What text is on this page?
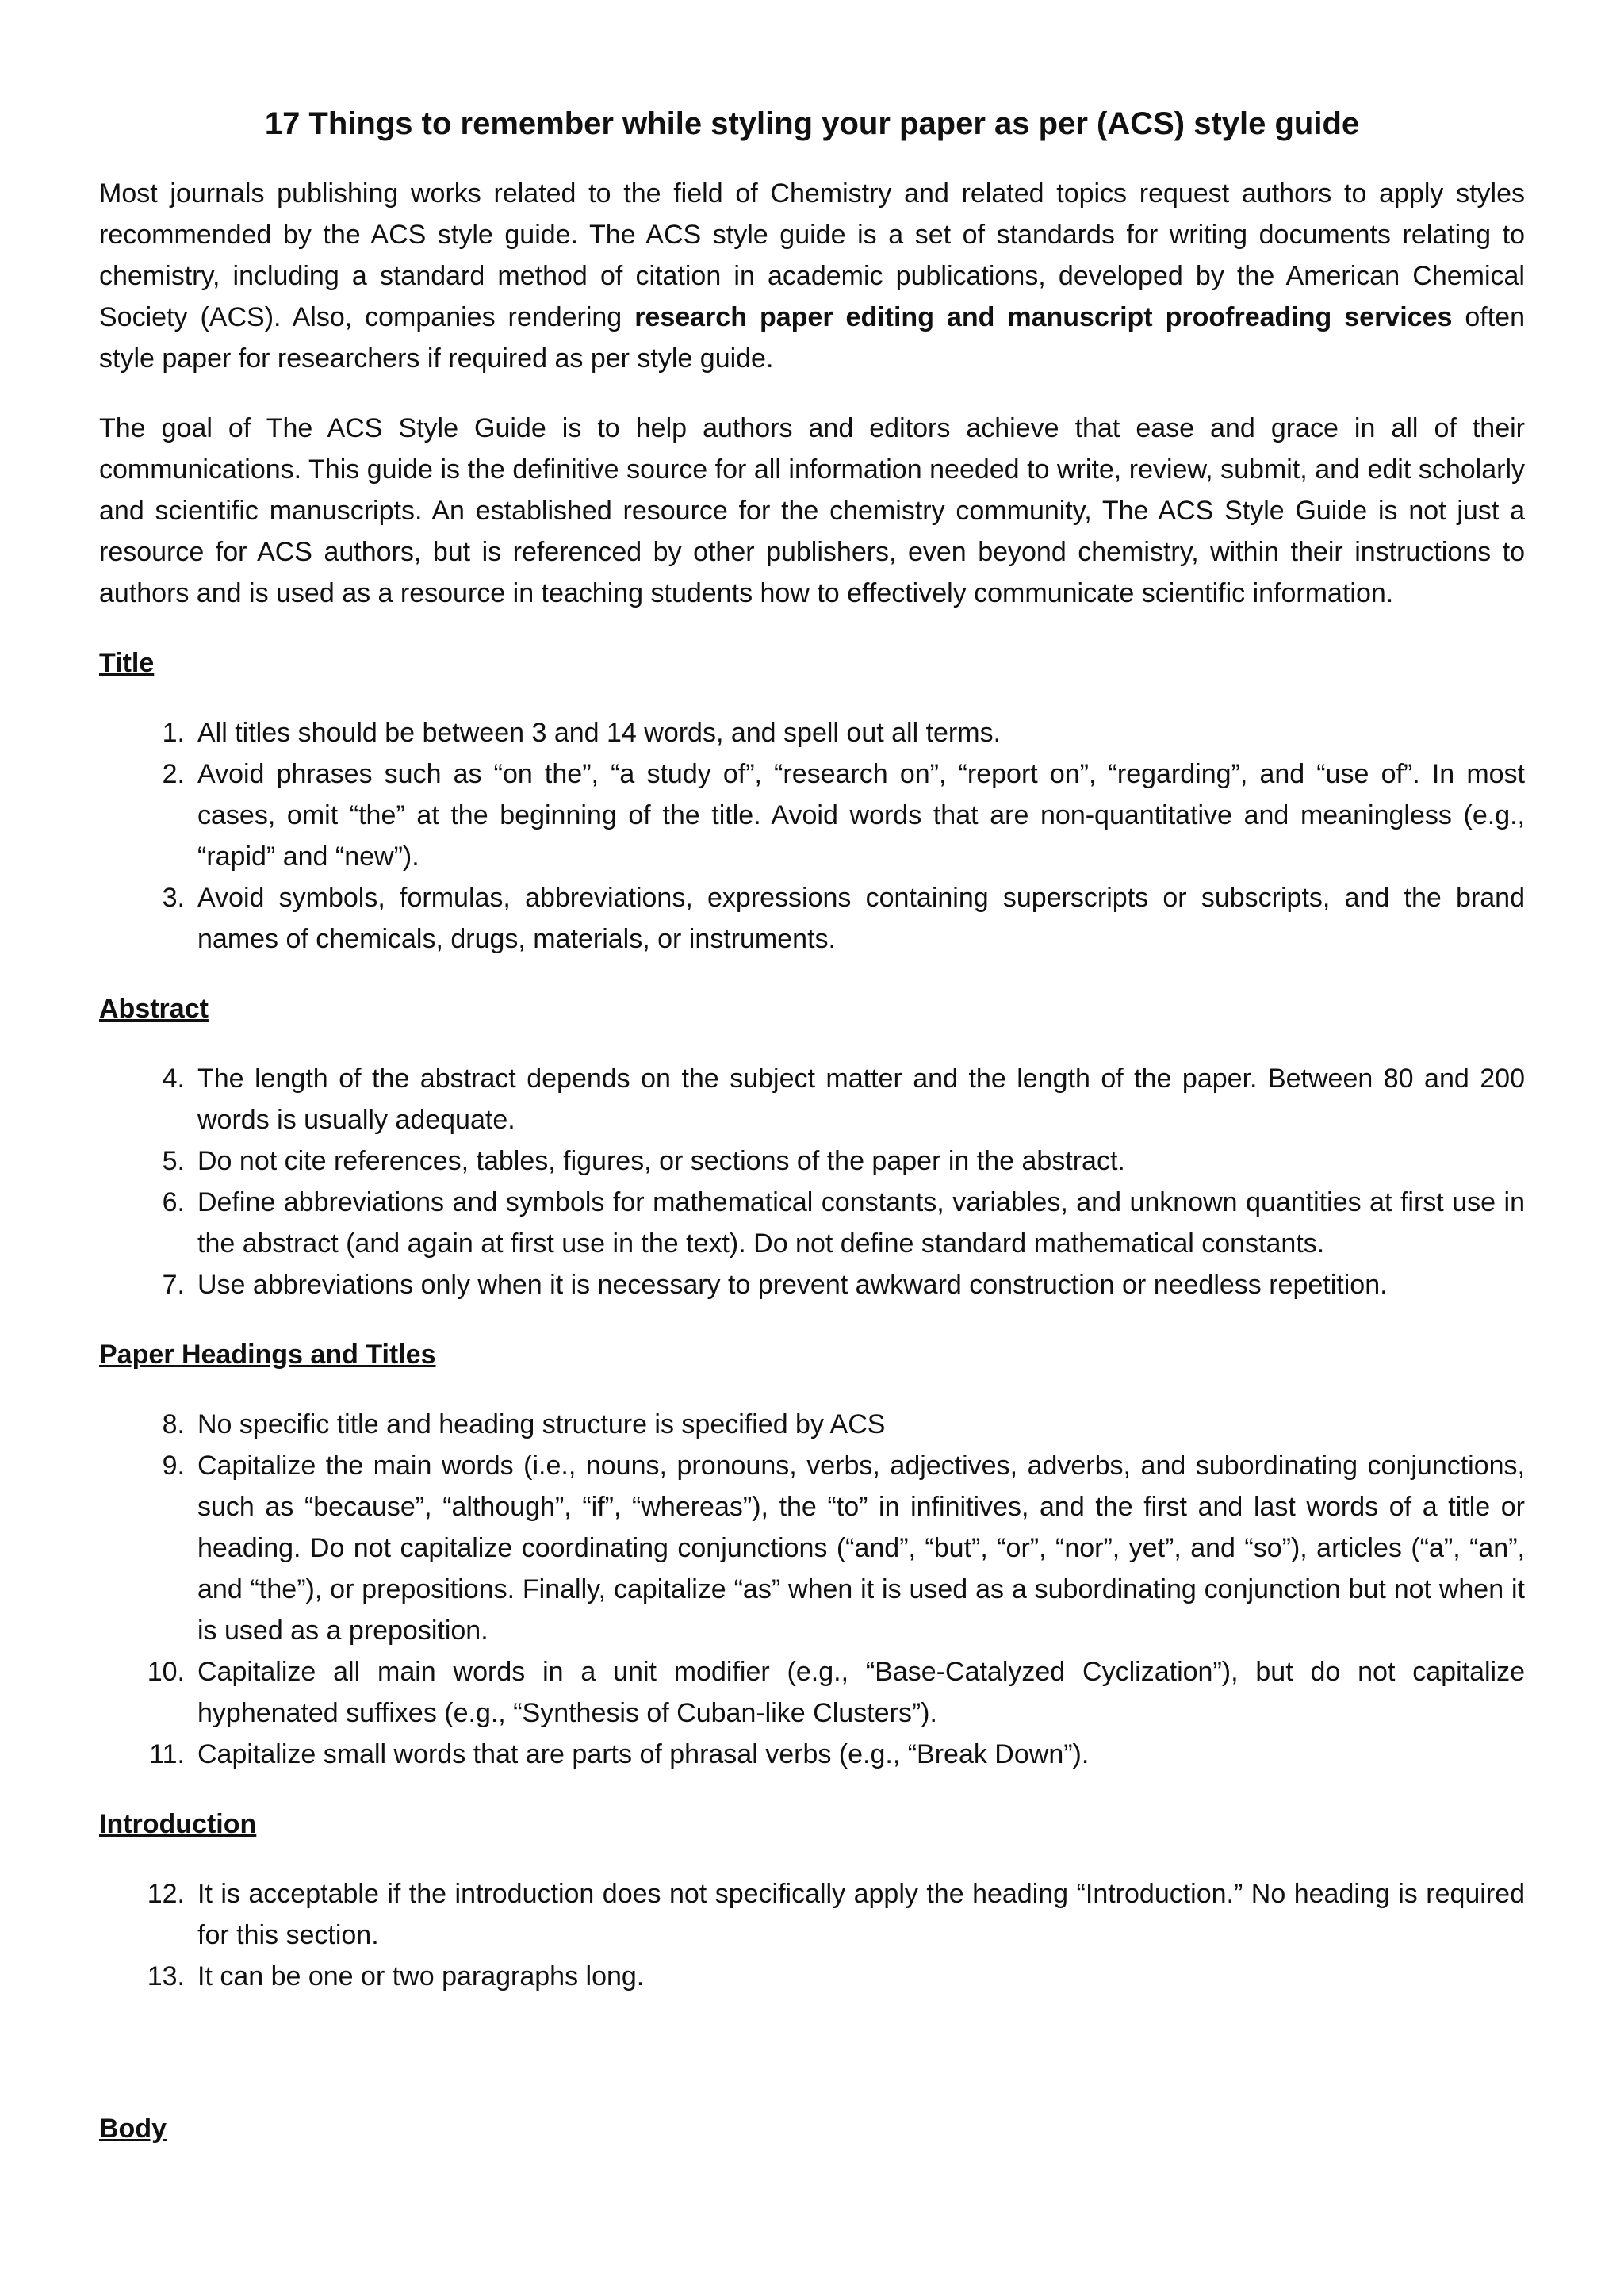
17 Things to remember while styling your paper as per (ACS) style guide

Most journals publishing works related to the field of Chemistry and related topics request authors to apply styles recommended by the ACS style guide. The ACS style guide is a set of standards for writing documents relating to chemistry, including a standard method of citation in academic publications, developed by the American Chemical Society (ACS). Also, companies rendering research paper editing and manuscript proofreading services often style paper for researchers if required as per style guide.

The goal of The ACS Style Guide is to help authors and editors achieve that ease and grace in all of their communications. This guide is the definitive source for all information needed to write, review, submit, and edit scholarly and scientific manuscripts. An established resource for the chemistry community, The ACS Style Guide is not just a resource for ACS authors, but is referenced by other publishers, even beyond chemistry, within their instructions to authors and is used as a resource in teaching students how to effectively communicate scientific information.

Title
1. All titles should be between 3 and 14 words, and spell out all terms.
2. Avoid phrases such as “on the”, “a study of”, “research on”, “report on”, “regarding”, and “use of”. In most cases, omit “the” at the beginning of the title. Avoid words that are non-quantitative and meaningless (e.g., “rapid” and “new”).
3. Avoid symbols, formulas, abbreviations, expressions containing superscripts or subscripts, and the brand names of chemicals, drugs, materials, or instruments.
Abstract
4. The length of the abstract depends on the subject matter and the length of the paper. Between 80 and 200 words is usually adequate.
5. Do not cite references, tables, figures, or sections of the paper in the abstract.
6. Define abbreviations and symbols for mathematical constants, variables, and unknown quantities at first use in the abstract (and again at first use in the text). Do not define standard mathematical constants.
7. Use abbreviations only when it is necessary to prevent awkward construction or needless repetition.
Paper Headings and Titles
8. No specific title and heading structure is specified by ACS
9. Capitalize the main words (i.e., nouns, pronouns, verbs, adjectives, adverbs, and subordinating conjunctions, such as “because”, “although”, “if”, “whereas”), the “to” in infinitives, and the first and last words of a title or heading. Do not capitalize coordinating conjunctions (“and”, “but”, “or”, “nor”, yet”, and “so”), articles (“a”, “an”, and “the”), or prepositions. Finally, capitalize “as” when it is used as a subordinating conjunction but not when it is used as a preposition.
10. Capitalize all main words in a unit modifier (e.g., “Base-Catalyzed Cyclization”), but do not capitalize hyphenated suffixes (e.g., “Synthesis of Cuban-like Clusters”).
11. Capitalize small words that are parts of phrasal verbs (e.g., “Break Down”).
Introduction
12. It is acceptable if the introduction does not specifically apply the heading “Introduction.” No heading is required for this section.
13. It can be one or two paragraphs long.
Body
